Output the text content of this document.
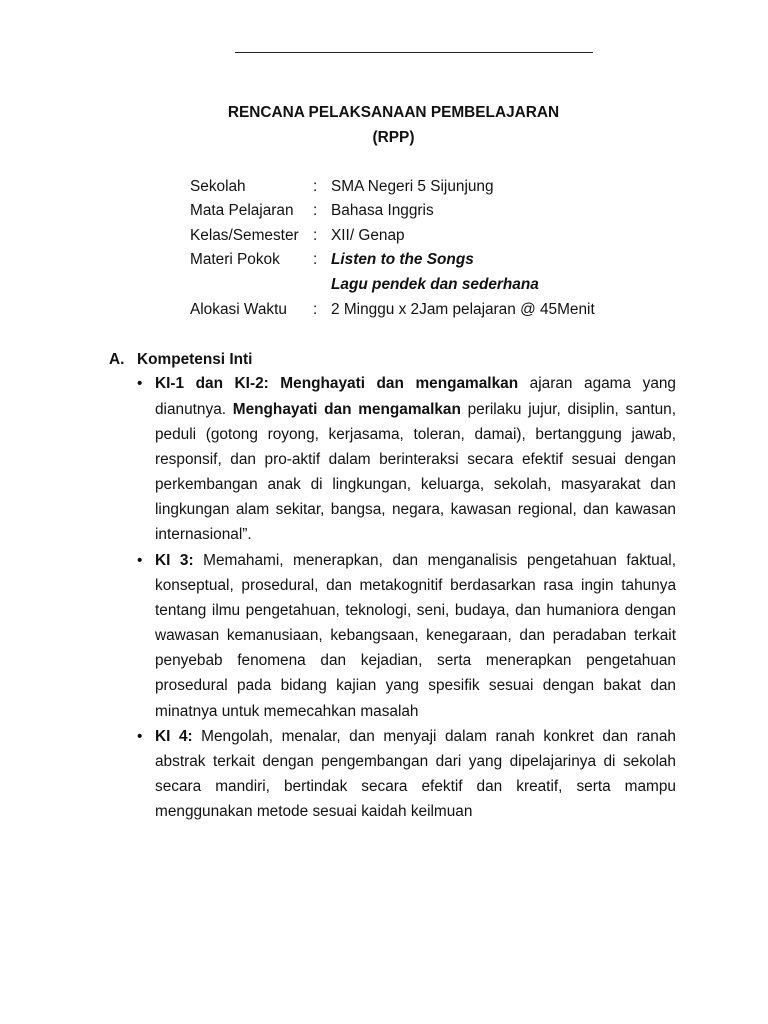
RENCANA PELAKSANAAN PEMBELAJARAN
(RPP)
Sekolah	: SMA Negeri 5 Sijunjung
Mata Pelajaran	: Bahasa Inggris
Kelas/Semester : XII/ Genap
Materi Pokok	: Listen to the Songs
Lagu pendek dan sederhana
Alokasi Waktu	: 2 Minggu x 2Jam pelajaran @ 45Menit
A. Kompetensi Inti
• KI-1 dan KI-2: Menghayati dan mengamalkan ajaran agama yang
dianutnya. Menghayati dan mengamalkan perilaku jujur, disiplin, santun,
peduli (gotong royong, kerjasama, toleran, damai), bertanggung jawab,
responsif, dan pro-aktif dalam berinteraksi secara efektif sesuai dengan
perkembangan anak di lingkungan, keluarga, sekolah, masyarakat dan
lingkungan alam sekitar, bangsa, negara, kawasan regional, dan kawasan
internasional”.
• KI 3: Memahami, menerapkan, dan menganalisis pengetahuan faktual,
konseptual, prosedural, dan metakognitif berdasarkan rasa ingin tahunya
tentang ilmu pengetahuan, teknologi, seni, budaya, dan humaniora dengan
wawasan kemanusiaan, kebangsaan, kenegaraan, dan peradaban terkait
penyebab fenomena dan kejadian, serta menerapkan pengetahuan
prosedural pada bidang kajian yang spesifik sesuai dengan bakat dan
minatnya untuk memecahkan masalah
• KI 4: Mengolah, menalar, dan menyaji dalam ranah konkret dan ranah
abstrak terkait dengan pengembangan dari yang dipelajarinya di sekolah
secara mandiri, bertindak secara efektif dan kreatif, serta mampu
menggunakan metode sesuai kaidah keilmuan
